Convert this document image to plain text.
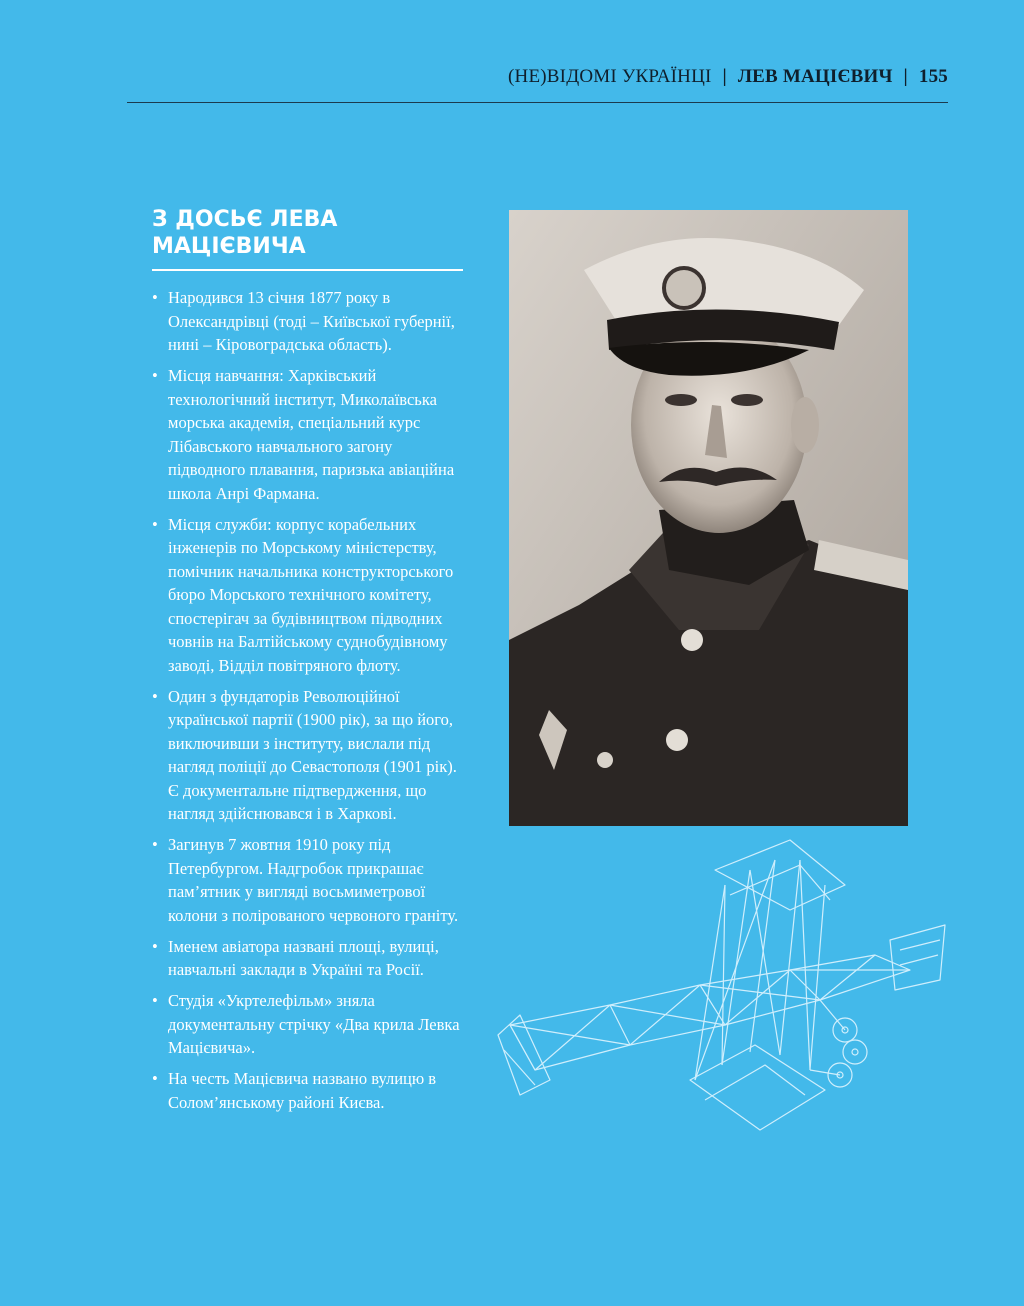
(НЕ)ВІДОМІ УКРАЇНЦІ | ЛЕВ МАЦІЄВИЧ | 155
З ДОСЬЄ ЛЕВА МАЦІЄВИЧА
• Народився 13 січня 1877 року в Олександрівці (тоді – Київської губернії, нині – Кіровоградська область).
• Місця навчання: Харківський технологічний інститут, Миколаївська морська академія, спеціальний курс Лібавського навчального загону підводного плавання, паризька авіаційна школа Анрі Фармана.
• Місця служби: корпус корабельних інженерів по Морському міністерству, помічник начальника конструкторського бюро Морського технічного комітету, спостерігач за будівництвом підводних човнів на Балтійському суднобудівному заводі, Відділ повітряного флоту.
• Один з фундаторів Революційної української партії (1900 рік), за що його, виключивши з інституту, вислали під нагляд поліції до Севастополя (1901 рік). Є документальне підтвердження, що нагляд здійснювався і в Харкові.
• Загинув 7 жовтня 1910 року під Петербургом. Надгробок прикрашає пам’ятник у вигляді восьмиметрової колони з полірованого червоного граніту.
• Іменем авіатора названі площі, вулиці, навчальні заклади в Україні та Росії.
• Студія «Укртелефільм» зняла документальну стрічку «Два крила Левка Мацієвича».
• На честь Мацієвича названо вулицю в Солом’янському районі Києва.
